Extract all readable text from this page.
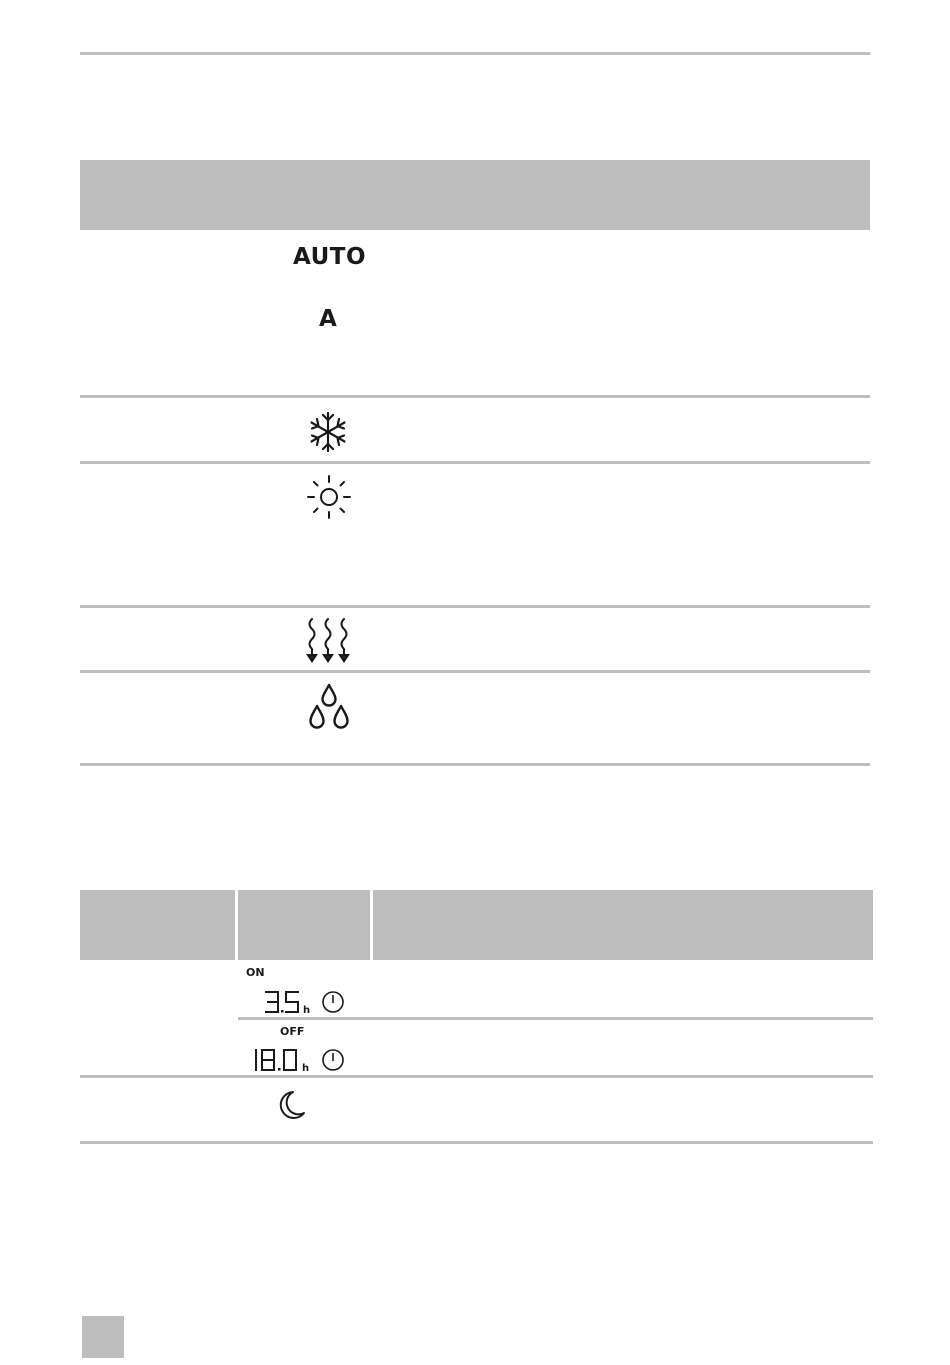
AUTO
A
ON
h
OFF
h
